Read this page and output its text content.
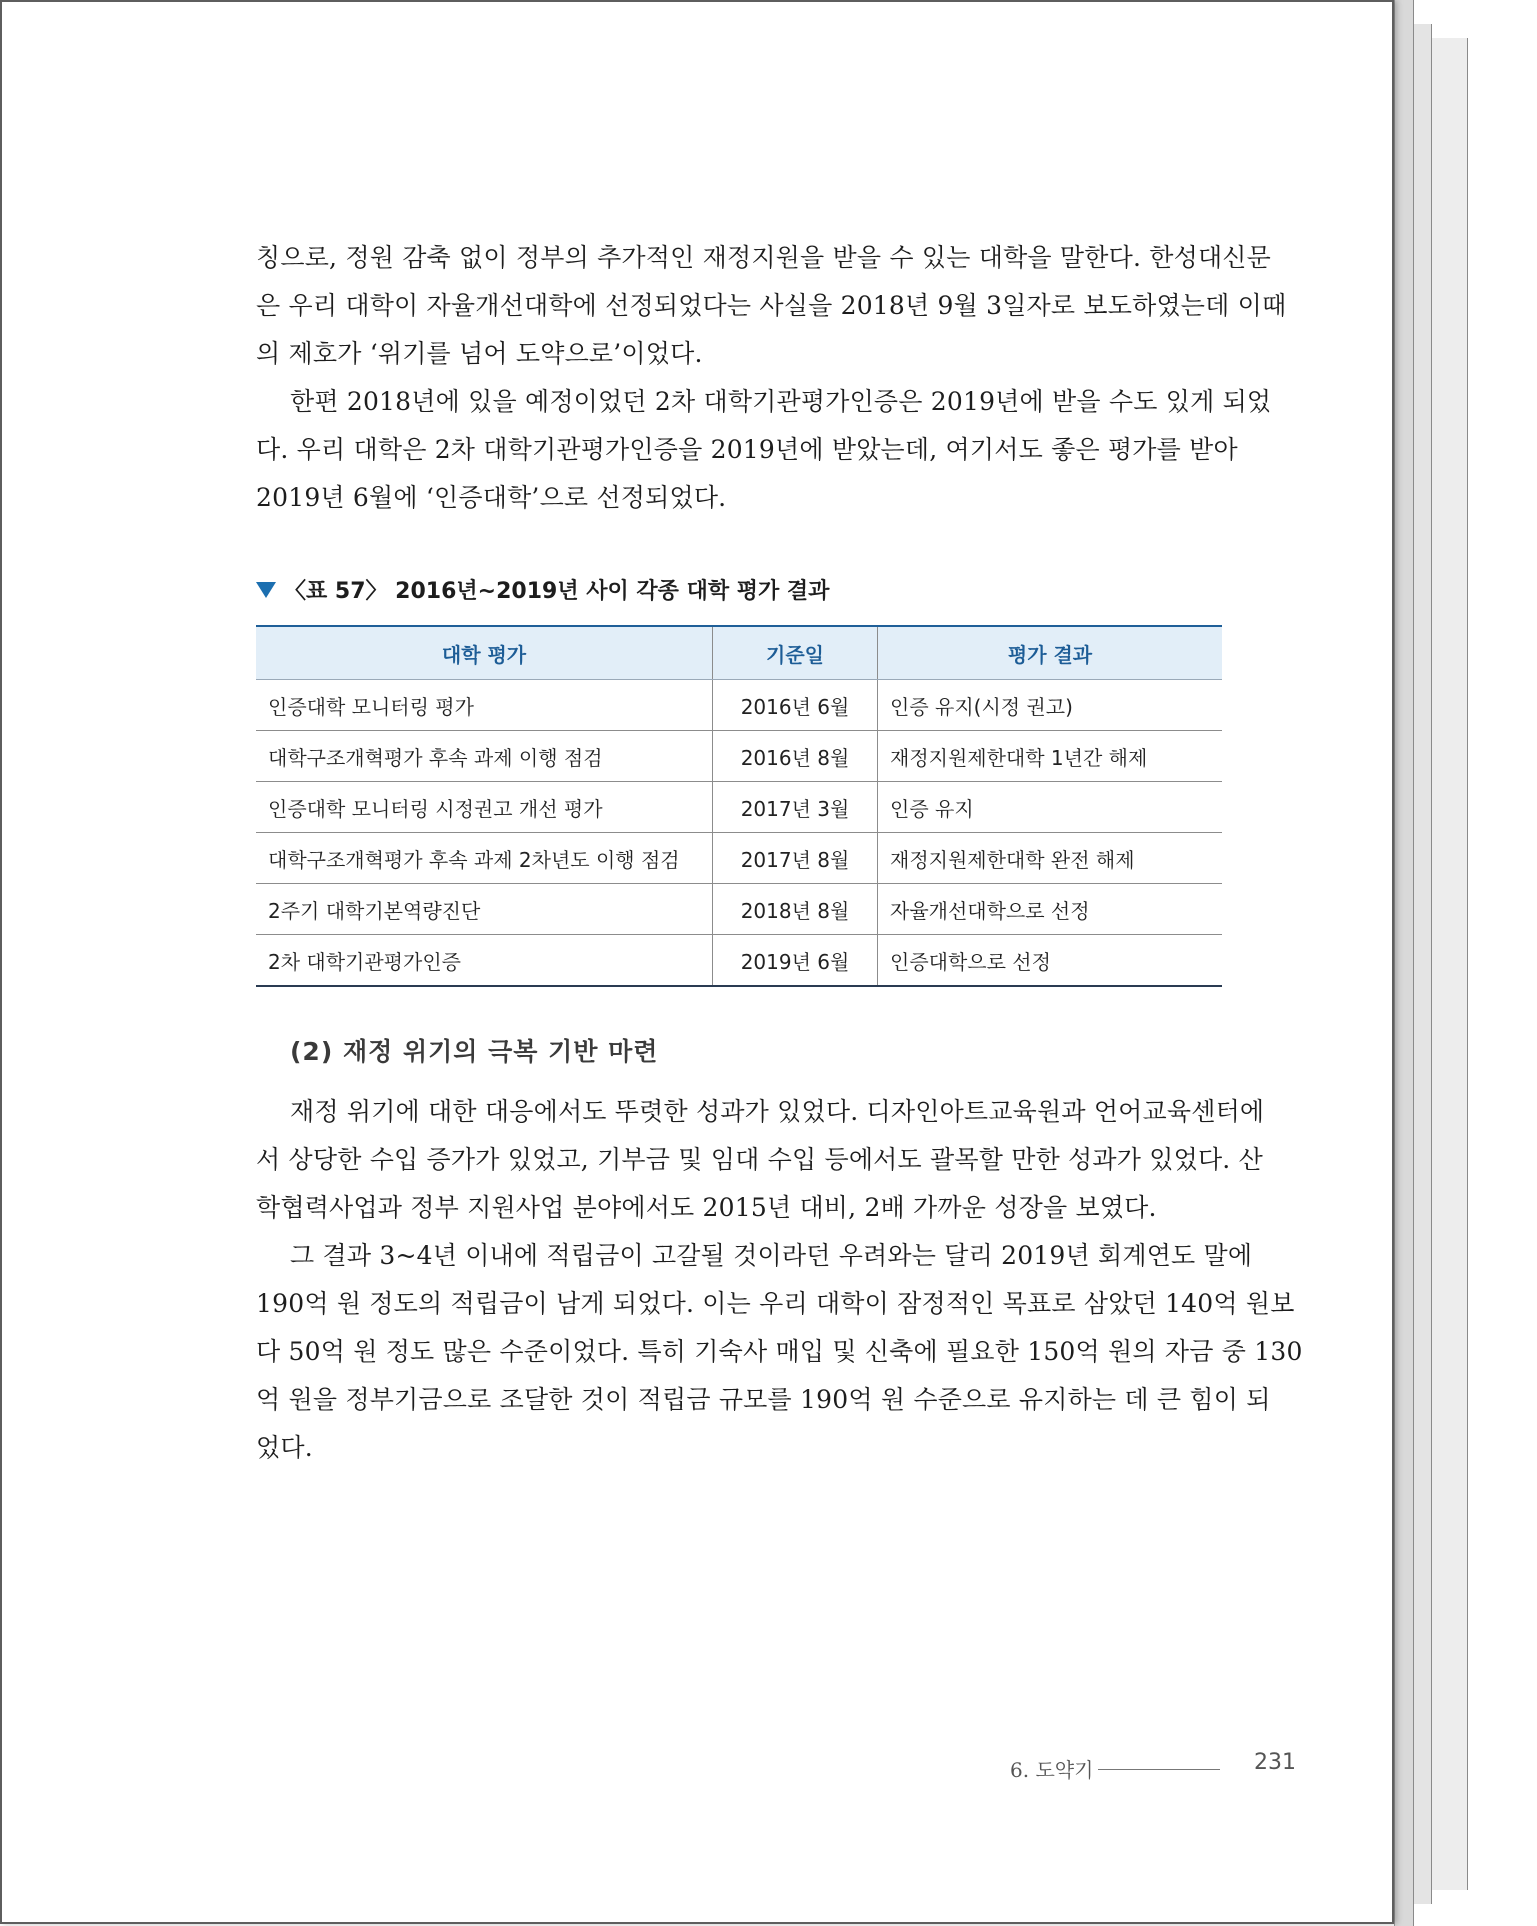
칭으로, 정원 감축 없이 정부의 추가적인 재정지원을 받을 수 있는 대학을 말한다. 한성대신문
은 우리 대학이 자율개선대학에 선정되었다는 사실을 2018년 9월 3일자로 보도하였는데 이때
의 제호가 ‘위기를 넘어 도약으로’이었다.

한편 2018년에 있을 예정이었던 2차 대학기관평가인증은 2019년에 받을 수도 있게 되었
다. 우리 대학은 2차 대학기관평가인증을 2019년에 받았는데, 여기서도 좋은 평가를 받아
2019년 6월에 ‘인증대학’으로 선정되었다.

〈표 57〉 2016년~2019년 사이 각종 대학 평가 결과
대학 평가	기준일	평가 결과
인증대학 모니터링 평가	2016년 6월	인증 유지(시정 권고)
대학구조개혁평가 후속 과제 이행 점검	2016년 8월	재정지원제한대학 1년간 해제
인증대학 모니터링 시정권고 개선 평가	2017년 3월	인증 유지
대학구조개혁평가 후속 과제 2차년도 이행 점검	2017년 8월	재정지원제한대학 완전 해제
2주기 대학기본역량진단	2018년 8월	자율개선대학으로 선정
2차 대학기관평가인증	2019년 6월	인증대학으로 선정
(2) 재정 위기의 극복 기반 마련

재정 위기에 대한 대응에서도 뚜렷한 성과가 있었다. 디자인아트교육원과 언어교육센터에
서 상당한 수입 증가가 있었고, 기부금 및 임대 수입 등에서도 괄목할 만한 성과가 있었다. 산
학협력사업과 정부 지원사업 분야에서도 2015년 대비, 2배 가까운 성장을 보였다.

그 결과 3~4년 이내에 적립금이 고갈될 것이라던 우려와는 달리 2019년 회계연도 말에
190억 원 정도의 적립금이 남게 되었다. 이는 우리 대학이 잠정적인 목표로 삼았던 140억 원보
다 50억 원 정도 많은 수준이었다. 특히 기숙사 매입 및 신축에 필요한 150억 원의 자금 중 130
억 원을 정부기금으로 조달한 것이 적립금 규모를 190억 원 수준으로 유지하는 데 큰 힘이 되
었다.

6. 도약기	231
